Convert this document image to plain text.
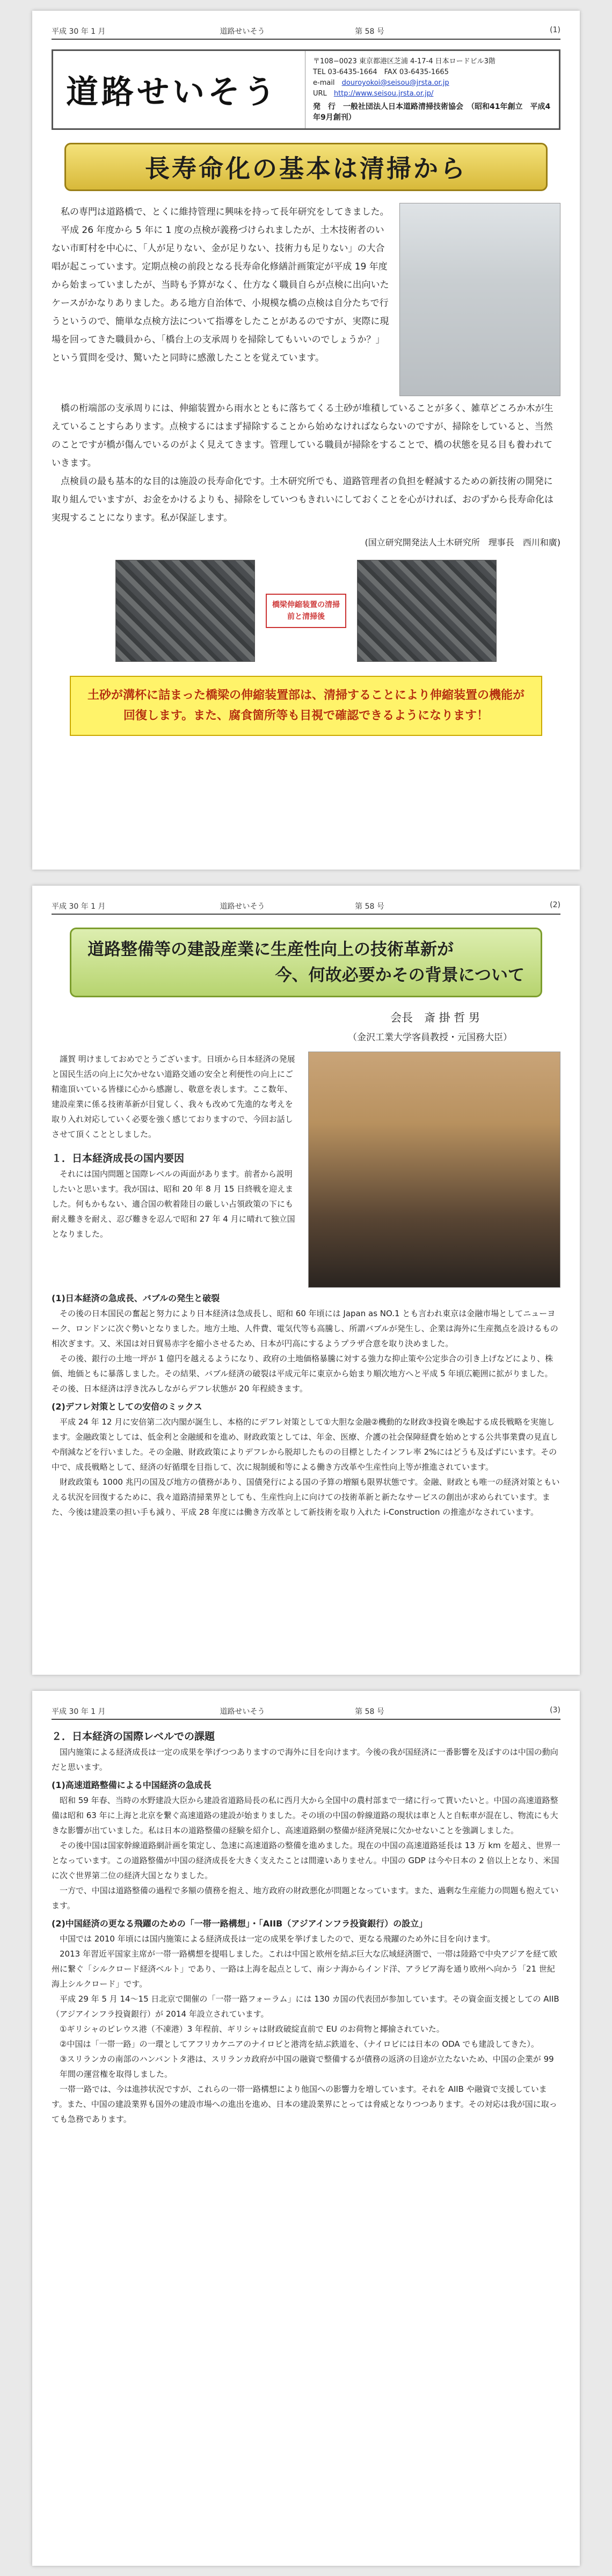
平成 30 年 1 月	道路せいそう	第 58 号	(1)
道路せいそう
〒108−0023 東京都港区芝浦 4-17-4 日本ロードビル3階
TEL 03-6435-1664　FAX 03-6435-1665
e-mail　 douroyokoi@seisou@jrsta.or.jp
URL　 http://www.seisou.jrsta.or.jp/
発　行　一般社団法人日本道路清掃技術協会　（昭和41年創立　平成4年9月創刊）
長寿命化の基本は清掃から

私の専門は道路橋で、とくに維持管理に興味を持って長年研究をしてきました。

平成 26 年度から 5 年に 1 度の点検が義務づけられましたが、土木技術者のいない市町村を中心に、「人が足りない、金が足りない、技術力も足りない」の大合唱が起こっています。定期点検の前段となる長寿命化修繕計画策定が平成 19 年度から始まっていましたが、当時も予算がなく、仕方なく職員自らが点検に出向いたケースがかなりありました。ある地方自治体で、小規模な橋の点検は自分たちで行うというので、簡単な点検方法について指導をしたことがあるのですが、実際に現場を回ってきた職員から、「橋台上の支承周りを掃除してもいいのでしょうか？」という質問を受け、驚いたと同時に感激したことを覚えています。

橋の桁端部の支承周りには、伸縮装置から雨水とともに落ちてくる土砂が堆積していることが多く、雑草どころか木が生えていることすらあります。点検するにはまず掃除することから始めなければならないのですが、掃除をしていると、当然のことですが橋が傷んでいるのがよく見えてきます。管理している職員が掃除をすることで、橋の状態を見る目も養われていきます。

点検員の最も基本的な目的は施設の長寿命化です。土木研究所でも、道路管理者の負担を軽減するための新技術の開発に取り組んでいますが、お金をかけるよりも、掃除をしていつもきれいにしておくことを心がければ、おのずから長寿命化は実現することになります。私が保証します。

(国立研究開発法人土木研究所　理事長　西川和廣)
橋梁伸縮装置の清掃前と清掃後
土砂が溝杯に詰まった橋梁の伸縮装置部は、清掃することにより伸縮装置の機能が回復します。また、腐食箇所等も目視で確認できるようになります！
平成 30 年 1 月	道路せいそう	第 58 号	(2)
道路整備等の建設産業に生産性向上の技術革新が
今、何故必要かその背景について
会長　斎 掛 哲 男
（金沢工業大学客員教授・元国務大臣）

謹賀 明けましておめでとうございます。日頃から日本経済の発展と国民生活の向上に欠かせない道路交通の安全と利便性の向上にご精進頂いている皆様に心から感謝し、敬意を表します。ここ数年、建設産業に係る技術革新が目覚しく、我々も改めて先進的な考えを取り入れ対応していく必要を強く感じておりますので、今回お話しさせて頂くこととしました。

１．日本経済成長の国内要因

それには国内問題と国際レベルの両面があります。前者から説明したいと思います。我が国は、昭和 20 年 8 月 15 日終戦を迎えました。何もかもない、適合国の軟着陸目の厳しい占領政策の下にも耐え難きを耐え、忍び難きを忍んで昭和 27 年 4 月に晴れて独立国となりました。

(1)日本経済の急成長、バブルの発生と破裂

その後の日本国民の奮起と努力により日本経済は急成長し、昭和 60 年頃には Japan as NO.1 とも言われ東京は金融市場としてニューヨーク、ロンドンに次ぐ勢いとなりました。地方土地、人件費、電気代等も高騰し、所謂バブルが発生し、企業は海外に生産拠点を設けるもの相次ぎます。又、米国は対日貿易赤字を縮小させるため、日本が円高にするようプラザ合意を取り決めました。

その後、銀行の土地一坪が 1 億円を越えるようになり、政府の土地価格暴騰に対する強力な抑止策や公定歩合の引き上げなどにより、株価、地価ともに暴落しました。その結果、バブル経済の破裂は平成元年に東京から始まり順次地方へと平成 5 年頃広範囲に拡がりました。その後、日本経済は浮き沈みしながらデフレ状態が 20 年程続きます。

(2)デフレ対策としての安倍のミックス

平成 24 年 12 月に安倍第二次内閣が誕生し、本格的にデフレ対策として①大胆な金融②機動的な財政③投資を喚起する成長戦略を実施します。金融政策としては、低金利と金融緩和を進め、財政政策としては、年金、医療、介護の社会保障経費を始めとする公共事業費の見直しや削減などを行いました。その金融、財政政策によりデフレから脱却したものの目標としたインフレ率 2%にはどうも及ばずにいます。その中で、成長戦略として、経済の好循環を目指して、次に規制緩和等による働き方改革や生産性向上等が推進されています。

財政政策も 1000 兆円の国及び地方の債務があり、国債発行による国の予算の増額も限界状態です。金融、財政とも唯一の経済対策ともいえる状況を回復するために、我々道路清掃業界としても、生産性向上に向けての技術革新と新たなサービスの創出が求められています。また、今後は建設業の担い手も減り、平成 28 年度には働き方改革として新技術を取り入れた i-Construction の推進がなされています。

平成 30 年 1 月	道路せいそう	第 58 号	(3)
２．日本経済の国際レベルでの課題

国内施策による経済成長は一定の成果を挙げつつありますので海外に目を向けます。今後の我が国経済に一番影響を及ぼすのは中国の動向だと思います。

(1)高速道路整備による中国経済の急成長

昭和 59 年春、当時の水野建設大臣から建設省道路局長の私に西月大から全国中の農村部まで一緒に行って貰いたいと。中国の高速道路整備は昭和 63 年に上海と北京を繋ぐ高速道路の建設が始まりました。その頃の中国の幹線道路の現状は車と人と自転車が混在し、物流にも大きな影響が出ていました。私は日本の道路整備の経験を紹介し、高速道路網の整備が経済発展に欠かせないことを強調しました。

その後中国は国家幹線道路網計画を策定し、急速に高速道路の整備を進めました。現在の中国の高速道路延長は 13 万 km を超え、世界一となっています。この道路整備が中国の経済成長を大きく支えたことは間違いありません。中国の GDP は今や日本の 2 倍以上となり、米国に次ぐ世界第二位の経済大国となりました。

一方で、中国は道路整備の過程で多額の債務を抱え、地方政府の財政悪化が問題となっています。また、過剰な生産能力の問題も抱えています。

(2)中国経済の更なる飛躍のための「一帯一路構想」・「AIIB（アジアインフラ投資銀行）の設立」

中国では 2010 年頃には国内施策による経済成長は一定の成果を挙げましたので、更なる飛躍のため外に目を向けます。

2013 年習近平国家主席が一帯一路構想を提唱しました。これは中国と欧州を結ぶ巨大な広域経済圏で、一帯は陸路で中央アジアを経て欧州に繋ぐ「シルクロード経済ベルト」であり、一路は上海を起点として、南シナ海からインド洋、アラビア海を通り欧州へ向かう「21 世紀海上シルクロード」です。

平成 29 年 5 月 14〜15 日北京で開催の「一帯一路フォーラム」には 130 カ国の代表団が参加しています。その資金面支援としての AIIB（アジアインフラ投資銀行）が 2014 年設立されています。

①ギリシャのピレウス港（不凍港）3 年程前、ギリシャは財政破綻直前で EU のお荷物と揶揄されていた。
②中国は「一帯一路」の一環としてアフリカケニアのナイロビと港湾を結ぶ鉄道を、（ナイロビには日本の ODA でも建設してきた）。
③スリランカの南部のハンバントタ港は、スリランカ政府が中国の融資で整備するが債務の返済の目途が立たないため、中国の企業が 99 年間の運営権を取得しました。

一帯一路では、今は進捗状況ですが、これらの一帯一路構想により他国への影響力を増しています。それを AIIB や融資で支援しています。また、中国の建設業界も国外の建設市場への進出を進め、日本の建設業界にとっては脅威となりつつあります。その対応は我が国に取っても急務であります。
